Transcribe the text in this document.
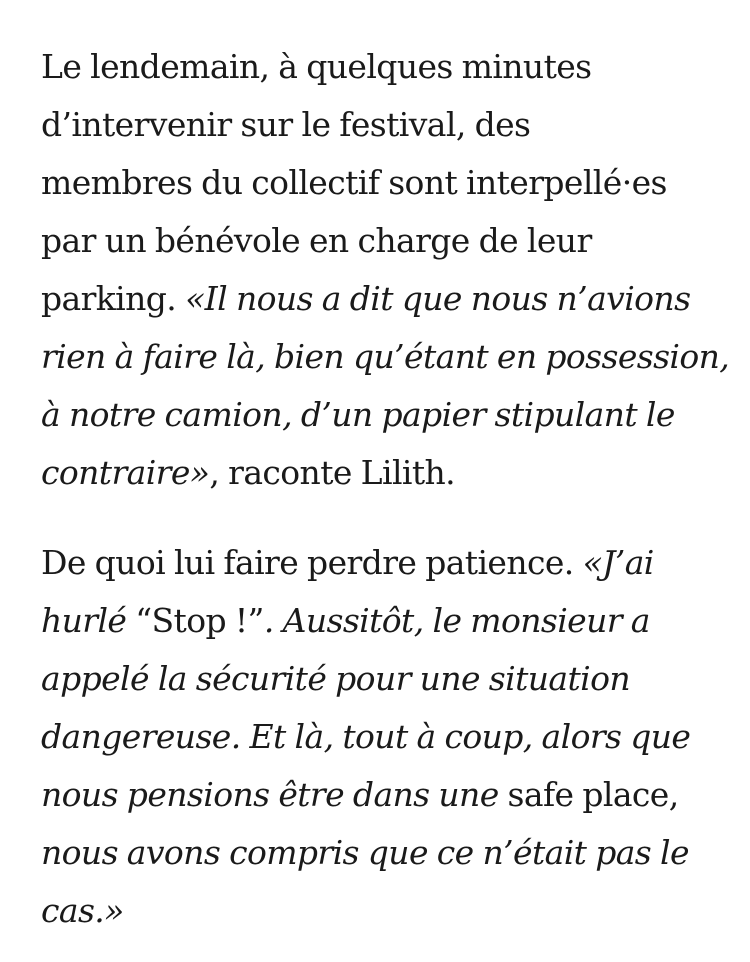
Le lendemain, à quelques minutes
d’intervenir sur le festival, des
membres du collectif sont interpellé·es
par un bénévole en charge de leur
parking. «Il nous a dit que nous n’avions
rien à faire là, bien qu’étant en possession,
à notre camion, d’un papier stipulant le
contraire», raconte Lilith.

De quoi lui faire perdre patience. «J’ai
hurlé “Stop !”. Aussitôt, le monsieur a
appelé la sécurité pour une situation
dangereuse. Et là, tout à coup, alors que
nous pensions être dans une safe place,
nous avons compris que ce n’était pas le
cas.»
